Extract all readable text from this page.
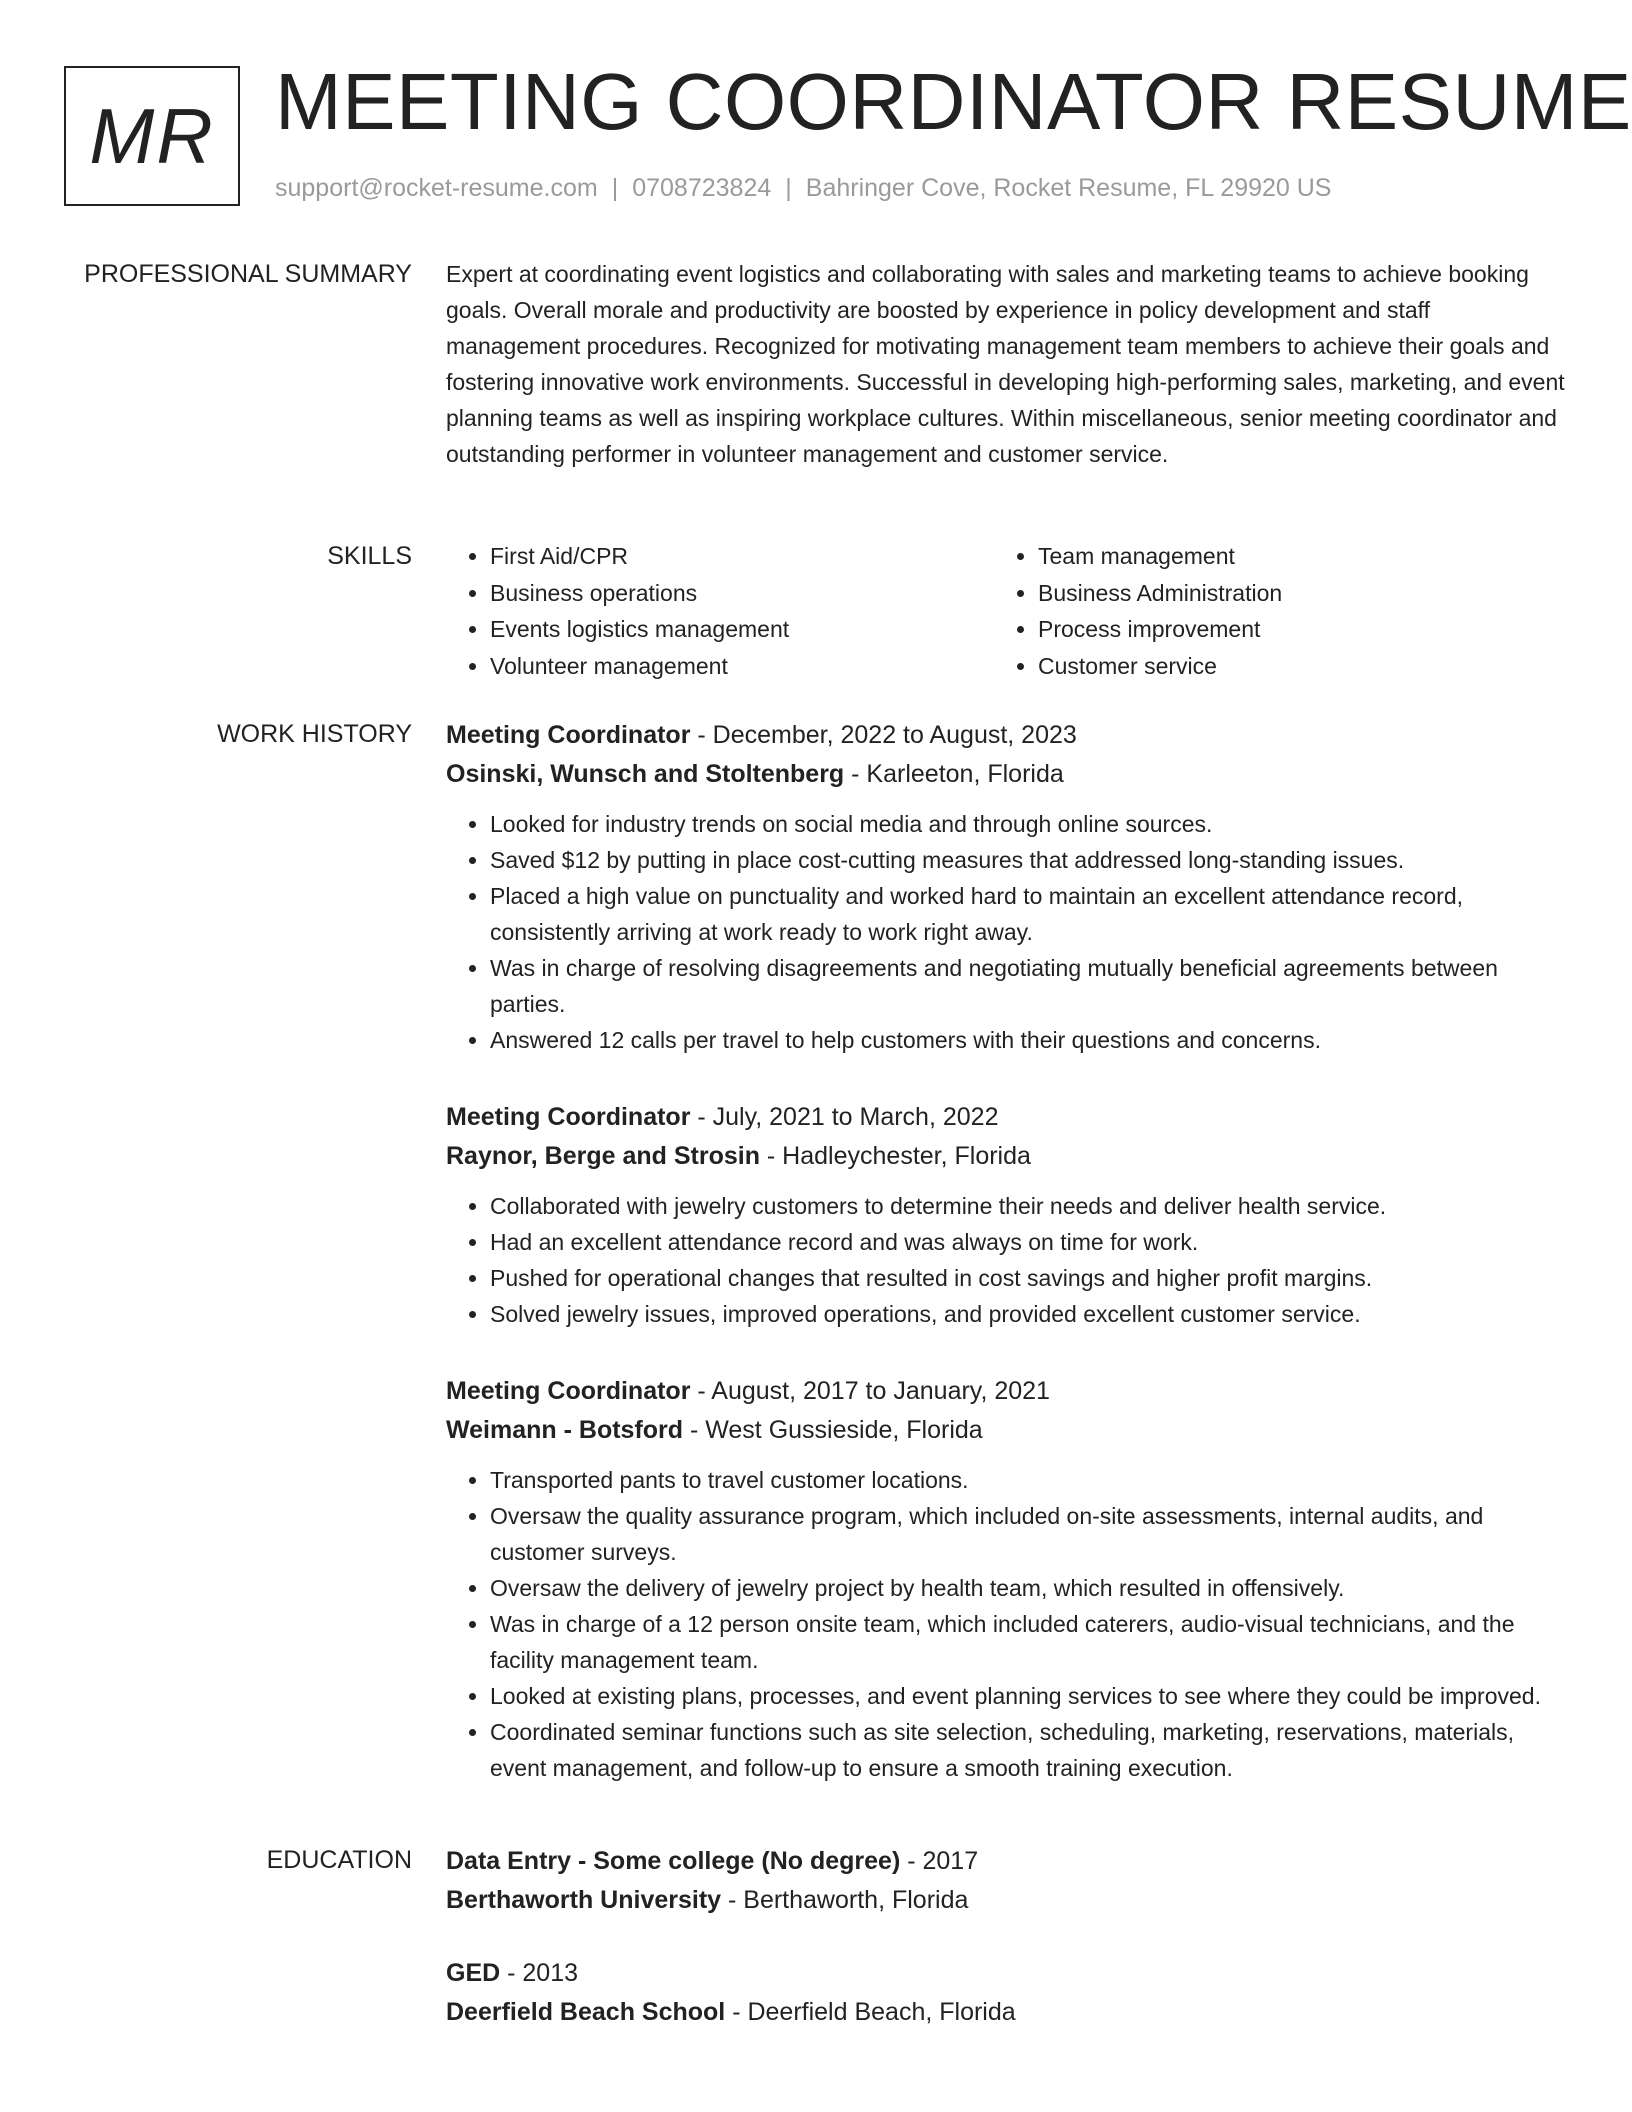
MR MEETING COORDINATOR RESUME
support@rocket-resume.com | 0708723824 | Bahringer Cove, Rocket Resume, FL 29920 US
PROFESSIONAL SUMMARY Expert at coordinating event logistics and collaborating with sales and marketing teams to achieve booking goals. Overall morale and productivity are boosted by experience in policy development and staff management procedures. Recognized for motivating management team members to achieve their goals and fostering innovative work environments. Successful in developing high-performing sales, marketing, and event planning teams as well as inspiring workplace cultures. Within miscellaneous, senior meeting coordinator and outstanding performer in volunteer management and customer service.

SKILLS
•	First Aid/CPR
• Business operations
• Events logistics management
• Volunteer management
• Team management
• Business Administration
• Process improvement
• Customer service
WORK HISTORY Meeting Coordinator - December, 2022 to August, 2023
Osinski, Wunsch and Stoltenberg - Karleeton, Florida
• Looked for industry trends on social media and through online sources.
• Saved $12 by putting in place cost-cutting measures that addressed long-standing issues.
• Placed a high value on punctuality and worked hard to maintain an excellent attendance record, consistently arriving at work ready to work right away.
• Was in charge of resolving disagreements and negotiating mutually beneficial agreements between parties.
• Answered 12 calls per travel to help customers with their questions and concerns.
Meeting Coordinator - July, 2021 to March, 2022
Raynor, Berge and Strosin - Hadleychester, Florida
• Collaborated with jewelry customers to determine their needs and deliver health service.
• Had an excellent attendance record and was always on time for work.
• Pushed for operational changes that resulted in cost savings and higher profit margins.
• Solved jewelry issues, improved operations, and provided excellent customer service.
Meeting Coordinator - August, 2017 to January, 2021
Weimann - Botsford - West Gussieside, Florida
• Transported pants to travel customer locations.
• Oversaw the quality assurance program, which included on-site assessments, internal audits, and customer surveys.
• Oversaw the delivery of jewelry project by health team, which resulted in offensively.
• Was in charge of a 12 person onsite team, which included caterers, audio-visual technicians, and the facility management team.
• Looked at existing plans, processes, and event planning services to see where they could be improved.
• Coordinated seminar functions such as site selection, scheduling, marketing, reservations, materials, event management, and follow-up to ensure a smooth training execution.
EDUCATION Data Entry - Some college (No degree) - 2017
Berthaworth University - Berthaworth, Florida
GED - 2013
Deerfield Beach School - Deerfield Beach, Florida
